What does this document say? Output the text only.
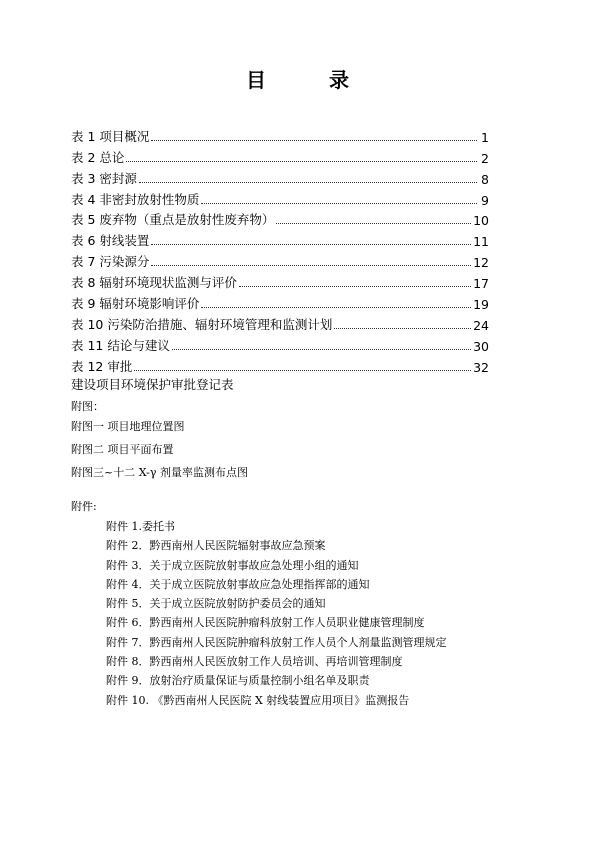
目 录
表 1 项目概况	1
表 2 总论	2
表 3 密封源	8
表 4 非密封放射性物质	9
表 5 废弃物（重点是放射性废弃物）	10
表 6 射线装置	11
表 7 污染源分	12
表 8 辐射环境现状监测与评价	17
表 9 辐射环境影响评价	19
表 10 污染防治措施、辐射环境管理和监测计划	24
表 11 结论与建议	30
表 12 审批	32
建设项目环境保护审批登记表
附图：
附图一 项目地理位置图
附图二 项目平面布置
附图三~十二 X-γ 剂量率监测布点图
附件:
附件 1.委托书
附件 2．黔西南州人民医院辐射事故应急预案
附件 3．关于成立医院放射事故应急处理小组的通知
附件 4．关于成立医院放射事故应急处理指挥部的通知
附件 5．关于成立医院放射防护委员会的通知
附件 6．黔西南州人民医院肿瘤科放射工作人员职业健康管理制度
附件 7．黔西南州人民医院肿瘤科放射工作人员个人剂量监测管理规定
附件 8．黔西南州人民医放射工作人员培训、再培训管理制度
附件 9．放射治疗质量保证与质量控制小组名单及职责
附件 10. 《黔西南州人民医院 X 射线装置应用项目》监测报告
